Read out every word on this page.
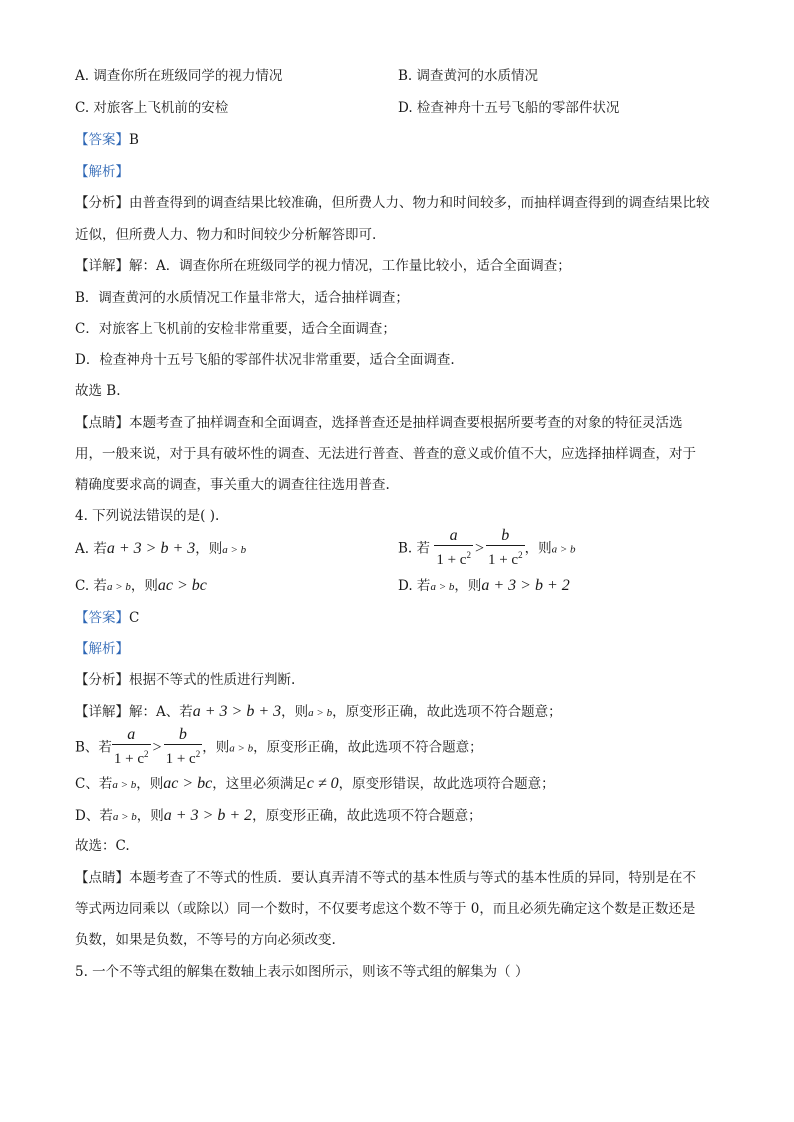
A. 调查你所在班级同学的视力情况	B. 调查黄河的水质情况
C. 对旅客上飞机前的安检	D. 检查神舟十五号飞船的零部件状况
【答案】B
【解析】
【分析】由普查得到的调查结果比较准确，但所费人力、物力和时间较多，而抽样调查得到的调查结果比较
近似，但所费人力、物力和时间较少分析解答即可.
【详解】解：A．调查你所在班级同学的视力情况，工作量比较小，适合全面调查；
B．调查黄河的水质情况工作量非常大，适合抽样调查；
C．对旅客上飞机前的安检非常重要，适合全面调查；
D．检查神舟十五号飞船的零部件状况非常重要，适合全面调查.
故选 B.
【点睛】本题考查了抽样调查和全面调查，选择普查还是抽样调查要根据所要考查的对象的特征灵活选
用，一般来说，对于具有破坏性的调查、无法进行普查、普查的意义或价值不大，应选择抽样调查，对于
精确度要求高的调查，事关重大的调查往往选用普查.
4. 下列说法错误的是( ).
A. 若a + 3 > b + 3，则a > b	B. 若 $\frac{a}{1 + c^2} > \frac{b}{1 + c^2}$ ，则a > b
C. 若a > b，则ac > bc	D. 若a > b，则a + 3 > b + 2
【答案】C
【解析】
【分析】根据不等式的性质进行判断.
【详解】解：A、若a + 3 > b + 3，则a > b，原变形正确，故此选项不符合题意；
B、若 $\frac{a}{1 + c^2} > \frac{b}{1 + c^2}$ ，则a > b，原变形正确，故此选项不符合题意；
C、若a > b，则ac > bc，这里必须满足c ≠ 0，原变形错误，故此选项符合题意；
D、若a > b，则a + 3 > b + 2，原变形正确，故此选项不符合题意；
故选：C.
【点睛】本题考查了不等式的性质．要认真弄清不等式的基本性质与等式的基本性质的异同，特别是在不
等式两边同乘以（或除以）同一个数时，不仅要考虑这个数不等于 0，而且必须先确定这个数是正数还是
负数，如果是负数，不等号的方向必须改变.
5. 一个不等式组的解集在数轴上表示如图所示，则该不等式组的解集为（ ）
